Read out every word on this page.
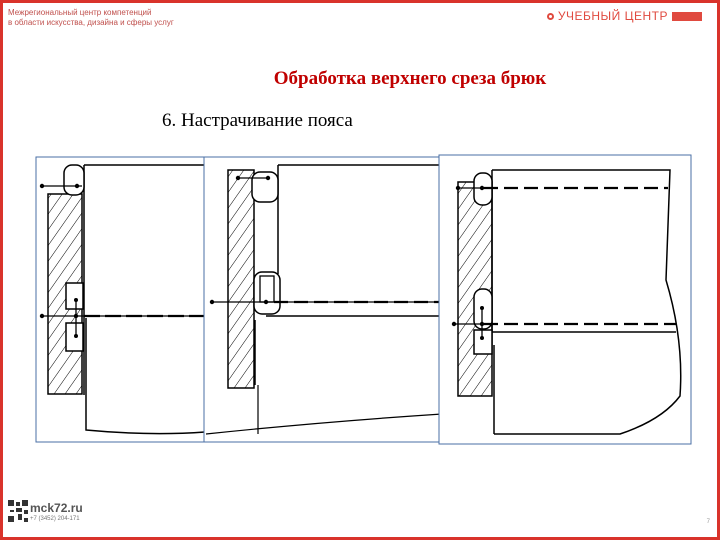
Межрегиональный центр компетенций
в области искусства, дизайна и сферы услуг	УЧЕБНЫЙ ЦЕНТР
Обработка верхнего среза брюк
6. Настрачивание пояса
mck72.ru
+7 (3452) 204-171	7
